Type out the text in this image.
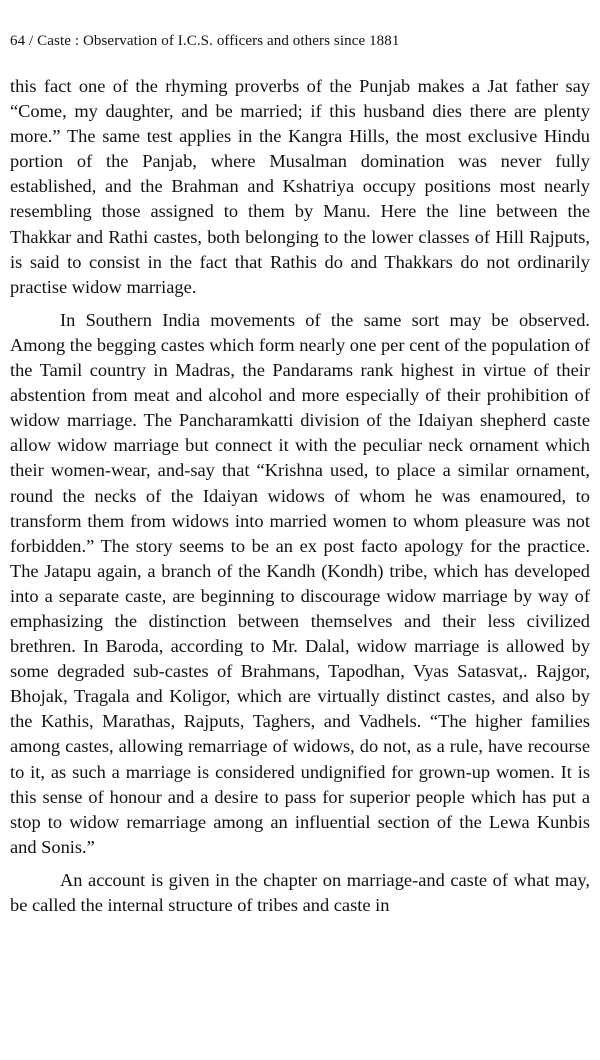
64 / Caste : Observation of I.C.S. officers and others since 1881

this fact one of the rhyming proverbs of the Punjab makes a Jat father say “Come, my daughter, and be married; if this husband dies there are plenty more.” The same test applies in the Kangra Hills, the most exclusive Hindu portion of the Panjab, where Musalman domination was never fully established, and the Brahman and Kshatriya occupy positions most nearly resembling those assigned to them by Manu. Here the line between the Thakkar and Rathi castes, both belonging to the lower classes of Hill Rajputs, is said to consist in the fact that Rathis do and Thakkars do not ordinarily practise widow marriage.

In Southern India movements of the same sort may be observed. Among the begging castes which form nearly one per cent of the population of the Tamil country in Madras, the Pandarams rank highest in virtue of their abstention from meat and alcohol and more especially of their prohibition of widow marriage. The Pancharamkatti division of the Idaiyan shepherd caste allow widow marriage but connect it with the peculiar neck ornament which their women-wear, and-say that “Krishna used, to place a similar ornament, round the necks of the Idaiyan widows of whom he was enamoured, to transform them from widows into married women to whom pleasure was not forbidden.” The story seems to be an ex post facto apology for the practice. The Jatapu again, a branch of the Kandh (Kondh) tribe, which has developed into a separate caste, are beginning to discourage widow marriage by way of emphasizing the distinction between themselves and their less civilized brethren. In Baroda, according to Mr. Dalal, widow marriage is allowed by some degraded sub-castes of Brahmans, Tapodhan, Vyas Satasvat,. Rajgor, Bhojak, Tragala and Koligor, which are virtually distinct castes, and also by the Kathis, Marathas, Rajputs, Taghers, and Vadhels. “The higher families among castes, allowing remarriage of widows, do not, as a rule, have recourse to it, as such a marriage is considered undignified for grown-up women. It is this sense of honour and a desire to pass for superior people which has put a stop to widow remarriage among an influential section of the Lewa Kunbis and Sonis.”

An account is given in the chapter on marriage-and caste of what may, be called the internal structure of tribes and caste in
